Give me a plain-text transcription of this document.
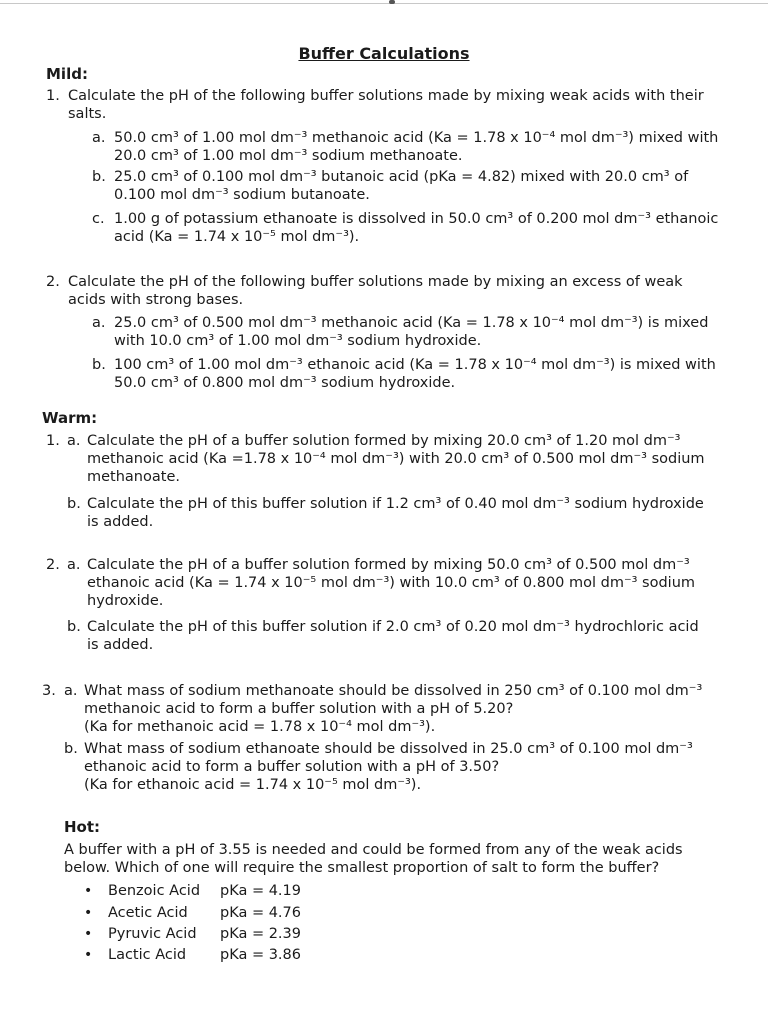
Buffer Calculations
Mild:
1. Calculate the pH of the following buffer solutions made by mixing weak acids with their
salts.
a. 50.0 cm³ of 1.00 mol dm⁻³ methanoic acid (Ka = 1.78 x 10⁻⁴ mol dm⁻³) mixed with
20.0 cm³ of 1.00 mol dm⁻³ sodium methanoate.
b. 25.0 cm³ of 0.100 mol dm⁻³ butanoic acid (pKa = 4.82) mixed with 20.0 cm³ of
0.100 mol dm⁻³ sodium butanoate.
c. 1.00 g of potassium ethanoate is dissolved in 50.0 cm³ of 0.200 mol dm⁻³ ethanoic
acid (Ka = 1.74 x 10⁻⁵ mol dm⁻³).
2. Calculate the pH of the following buffer solutions made by mixing an excess of weak
acids with strong bases.
a. 25.0 cm³ of 0.500 mol dm⁻³ methanoic acid (Ka = 1.78 x 10⁻⁴ mol dm⁻³) is mixed
with 10.0 cm³ of 1.00 mol dm⁻³ sodium hydroxide.
b. 100 cm³ of 1.00 mol dm⁻³ ethanoic acid (Ka = 1.78 x 10⁻⁴ mol dm⁻³) is mixed with
50.0 cm³ of 0.800 mol dm⁻³ sodium hydroxide.
Warm:
1. a. Calculate the pH of a buffer solution formed by mixing 20.0 cm³ of 1.20 mol dm⁻³
methanoic acid (Ka =1.78 x 10⁻⁴ mol dm⁻³) with 20.0 cm³ of 0.500 mol dm⁻³ sodium
methanoate.
b. Calculate the pH of this buffer solution if 1.2 cm³ of 0.40 mol dm⁻³ sodium hydroxide
is added.
2. a. Calculate the pH of a buffer solution formed by mixing 50.0 cm³ of 0.500 mol dm⁻³
ethanoic acid (Ka = 1.74 x 10⁻⁵ mol dm⁻³) with 10.0 cm³ of 0.800 mol dm⁻³ sodium
hydroxide.
b. Calculate the pH of this buffer solution if 2.0 cm³ of 0.20 mol dm⁻³ hydrochloric acid
is added.
3. a. What mass of sodium methanoate should be dissolved in 250 cm³ of 0.100 mol dm⁻³
methanoic acid to form a buffer solution with a pH of 5.20?
(Ka for methanoic acid = 1.78 x 10⁻⁴ mol dm⁻³).
b. What mass of sodium ethanoate should be dissolved in 25.0 cm³ of 0.100 mol dm⁻³
ethanoic acid to form a buffer solution with a pH of 3.50?
(Ka for ethanoic acid = 1.74 x 10⁻⁵ mol dm⁻³).
Hot:
A buffer with a pH of 3.55 is needed and could be formed from any of the weak acids
below. Which of one will require the smallest proportion of salt to form the buffer?
• Benzoic Acid pKa = 4.19
• Acetic Acid pKa = 4.76
• Pyruvic Acid pKa = 2.39
• Lactic Acid pKa = 3.86
